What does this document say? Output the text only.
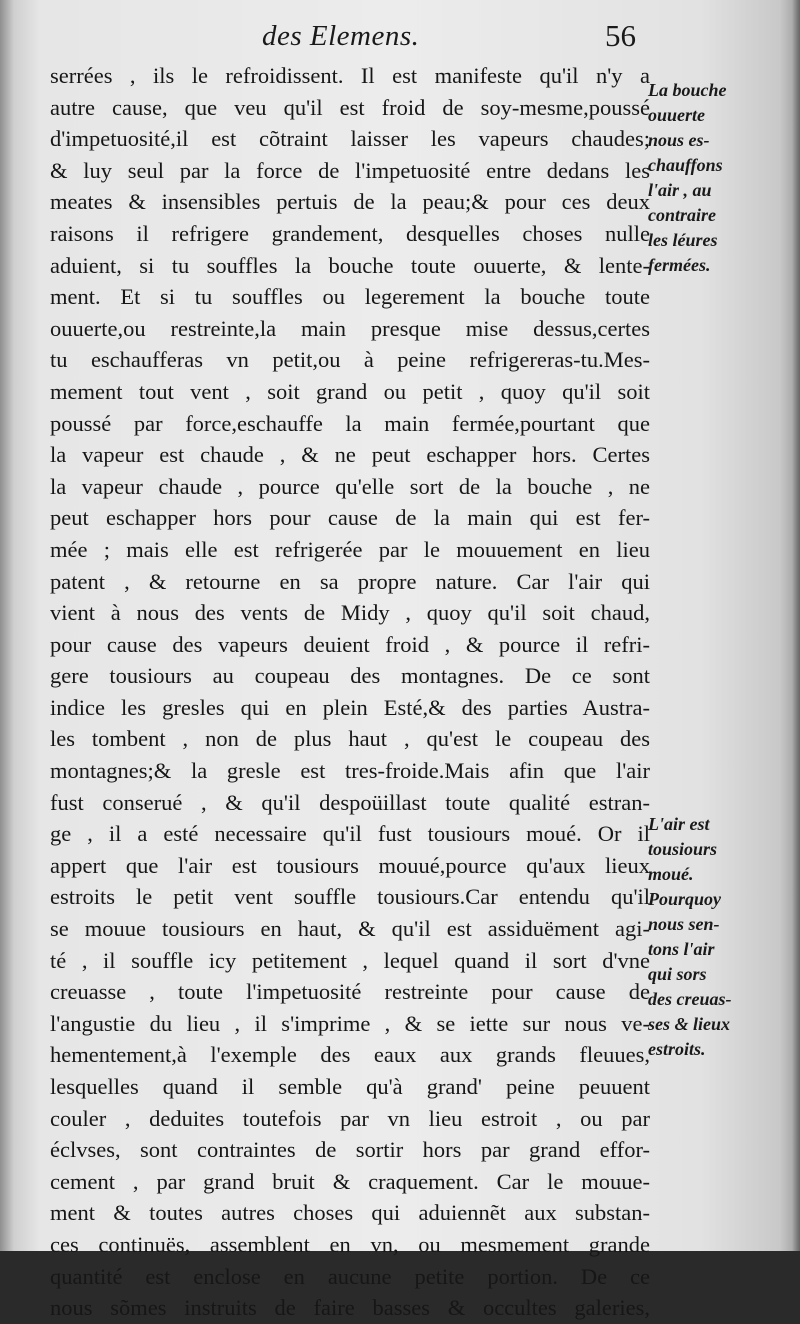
des Elemens.	56
serrées , ils le refroidissent. Il est manifeste qu'il n'y a
autre cause, que veu qu'il est froid de soy-mesme,poussé
d'impetuosité,il est cõtraint laisser les vapeurs chaudes;
& luy seul par la force de l'impetuosité entre dedans les
meates & insensibles pertuis de la peau;& pour ces deux
raisons il refrigere grandement, desquelles choses nulle
aduient, si tu souffles la bouche toute ouuerte, & lente-
ment. Et si tu souffles ou legerement la bouche toute
ouuerte,ou restreinte,la main presque mise dessus,certes
tu eschaufferas vn petit,ou à peine refrigereras-tu.Mes-
mement tout vent , soit grand ou petit , quoy qu'il soit
poussé par force,eschauffe la main fermée,pourtant que
la vapeur est chaude , & ne peut eschapper hors. Certes
la vapeur chaude , pource qu'elle sort de la bouche , ne
peut eschapper hors pour cause de la main qui est fer-
mée ; mais elle est refrigerée par le mouuement en lieu
patent , & retourne en sa propre nature. Car l'air qui
vient à nous des vents de Midy , quoy qu'il soit chaud,
pour cause des vapeurs deuient froid , & pource il refri-
gere tousiours au coupeau des montagnes. De ce sont
indice les gresles qui en plein Esté,& des parties Austra-
les tombent , non de plus haut , qu'est le coupeau des
montagnes;& la gresle est tres-froide.Mais afin que l'air
fust conserué , & qu'il despoüillast toute qualité estran-
ge , il a esté necessaire qu'il fust tousiours moué. Or il
appert que l'air est tousiours mouué,pource qu'aux lieux
estroits le petit vent souffle tousiours.Car entendu qu'il
se mouue tousiours en haut, & qu'il est assiduëment agi-
té , il souffle icy petitement , lequel quand il sort d'vne
creuasse , toute l'impetuosité restreinte pour cause de
l'angustie du lieu , il s'imprime , & se iette sur nous ve-
hementement,à l'exemple des eaux aux grands fleuues,
lesquelles quand il semble qu'à grand' peine peuuent
couler , deduites toutefois par vn lieu estroit , ou par
éclvses, sont contraintes de sortir hors par grand effor-
cement , par grand bruit & craquement. Car le mouue-
ment & toutes autres choses qui aduiennẽt aux substan-
ces continuës, assemblent en vn, ou mesmement grande
quantité est enclose en aucune petite portion. De ce
nous sõmes instruits de faire basses & occultes galeries,
La bouche
ouuerte
nous es-
chauffons
l'air , au
contraire
les léures
fermées.
L'air est
tousiours
moué.
Pourquoy
nous sen-
tons l'air
qui sors
des creuas-
ses & lieux
estroits.
